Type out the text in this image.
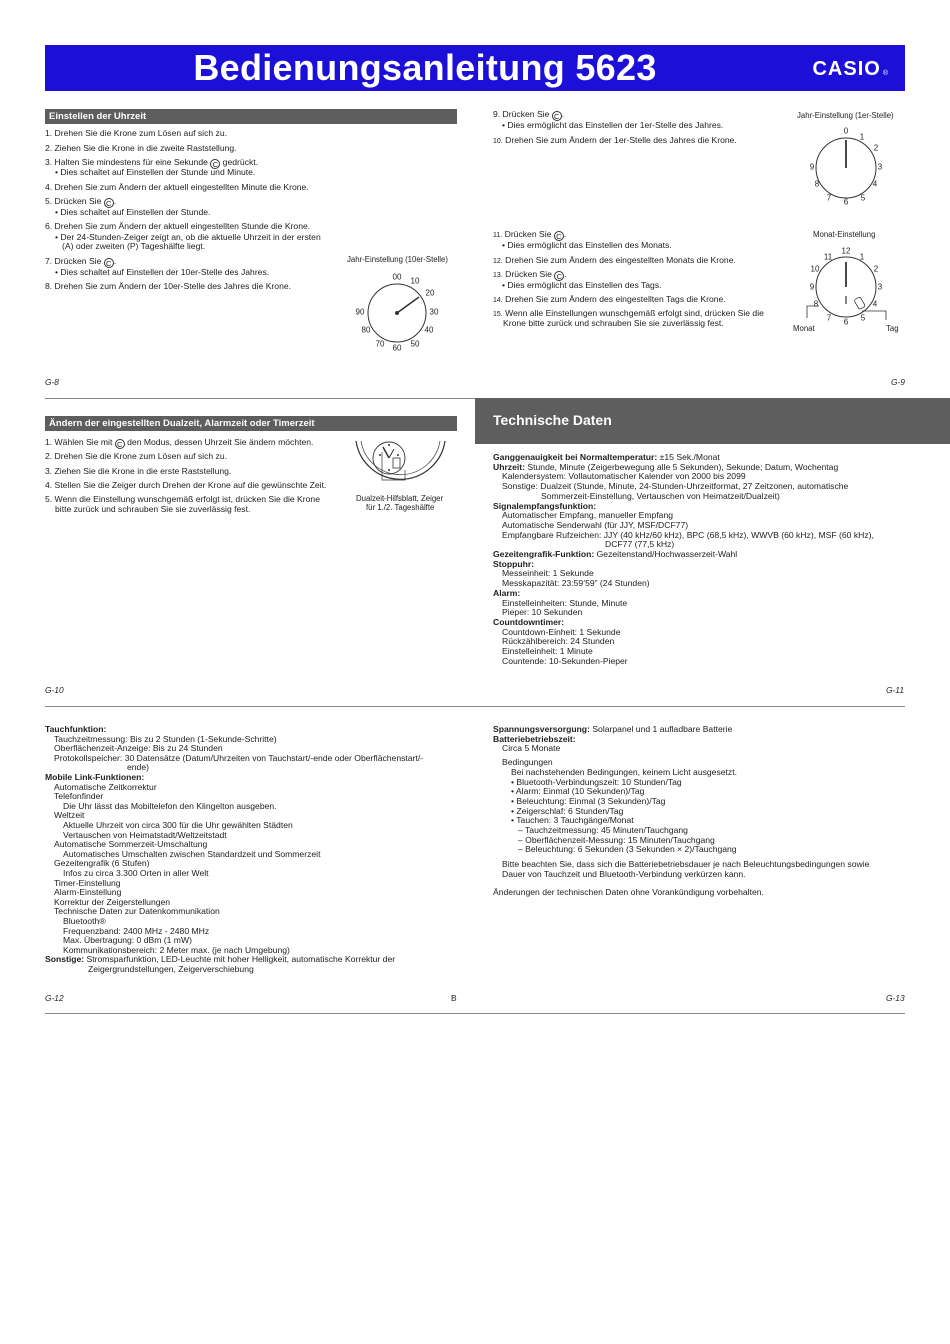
Bedienungsanleitung 5623	CASIO ®
Einstellen der Uhrzeit
1. Drehen Sie die Krone zum Lösen auf sich zu.
2. Ziehen Sie die Krone in die zweite Raststellung.
3. Halten Sie mindestens für eine Sekunde C gedrückt.
• Dies schaltet auf Einstellen der Stunde und Minute.
4. Drehen Sie zum Ändern der aktuell eingestellten Minute die Krone.
5. Drücken Sie C .
• Dies schaltet auf Einstellen der Stunde.
6. Drehen Sie zum Ändern der aktuell eingestellten Stunde die Krone.
• Der 24-Stunden-Zeiger zeigt an, ob die aktuelle Uhrzeit in der ersten
(A) oder zweiten (P) Tageshälfte liegt.
7. Drücken Sie C .
• Dies schaltet auf Einstellen der 10er-Stelle des Jahres.
8. Drehen Sie zum Ändern der 10er-Stelle des Jahres die Krone.
Jahr-Einstellung (10er-Stelle)
00 10
20
30
40
50
60
70
80
90
9. Drücken Sie C .
• Dies ermöglicht das Einstellen der 1er-Stelle des Jahres.
10. Drehen Sie zum Ändern der 1er-Stelle des Jahres die Krone.
11. Drücken Sie C .
• Dies ermöglicht das Einstellen des Monats.
12. Drehen Sie zum Ändern des eingestellten Monats die Krone.
13. Drücken Sie C .
• Dies ermöglicht das Einstellen des Tags.
14. Drehen Sie zum Ändern des eingestellten Tags die Krone.
15. Wenn alle Einstellungen wunschgemäß erfolgt sind, drücken Sie die
Krone bitte zurück und schrauben Sie sie zuverlässig fest.
Jahr-Einstellung (1er-Stelle)
0
1
2
3
4
5
6
7
8
9
Monat-Einstellung
12
1
2
3
4
5
6
7
8
9
10
11
Monat	Tag
G-8	G-9
Ändern der eingestellten Dualzeit, Alarmzeit oder Timerzeit
1. Wählen Sie mit C den Modus, dessen Uhrzeit Sie ändern möchten.
2. Drehen Sie die Krone zum Lösen auf sich zu.
3. Ziehen Sie die Krone in die erste Raststellung.
4. Stellen Sie die Zeiger durch Drehen der Krone auf die gewünschte Zeit.
5. Wenn die Einstellung wunschgemäß erfolgt ist, drücken Sie die Krone
bitte zurück und schrauben Sie sie zuverlässig fest.
Dualzeit-Hilfsblatt, Zeiger
für 1./2. Tageshälfte
Technische Daten
Ganggenauigkeit bei Normaltemperatur: ±15 Sek./Monat
Uhrzeit: Stunde, Minute (Zeigerbewegung alle 5 Sekunden), Sekunde; Datum, Wochentag
Kalendersystem: Vollautomatischer Kalender von 2000 bis 2099
Sonstige: Dualzeit (Stunde, Minute, 24-Stunden-Uhrzeitformat, 27 Zeitzonen, automatische
Sommerzeit-Einstellung, Vertauschen von Heimatzeit/Dualzeit)
Signalempfangsfunktion:
Automatischer Empfang, manueller Empfang
Automatische Senderwahl (für JJY, MSF/DCF77)
Empfangbare Rufzeichen: JJY (40 kHz/60 kHz), BPC (68,5 kHz), WWVB (60 kHz), MSF (60 kHz),
DCF77 (77,5 kHz)
Gezeitengrafik-Funktion: Gezeitenstand/Hochwasserzeit-Wahl
Stoppuhr:
Messeinheit: 1 Sekunde
Messkapazität: 23:59’59” (24 Stunden)
Alarm:
Einstelleinheiten: Stunde, Minute
Pieper: 10 Sekunden
Countdowntimer:
Countdown-Einheit: 1 Sekunde
Rückzählbereich: 24 Stunden
Einstelleinheit: 1 Minute
Countende: 10-Sekunden-Pieper
G-10	G-11
Tauchfunktion:
Tauchzeitmessung: Bis zu 2 Stunden (1-Sekunde-Schritte)
Oberflächenzeit-Anzeige: Bis zu 24 Stunden
Protokollspeicher: 30 Datensätze (Datum/Uhrzeiten von Tauchstart/-ende oder Oberflächenstart/-
ende)
Mobile Link-Funktionen:
Automatische Zeitkorrektur
Telefonfinder
Die Uhr lässt das Mobiltelefon den Klingelton ausgeben.
Weltzeit
Aktuelle Uhrzeit von circa 300 für die Uhr gewählten Städten
Vertauschen von Heimatstadt/Weltzeitstadt
Automatische Sommerzeit-Umschaltung
Automatisches Umschalten zwischen Standardzeit und Sommerzeit
Gezeitengrafik (6 Stufen)
Infos zu circa 3.300 Orten in aller Welt
Timer-Einstellung
Alarm-Einstellung
Korrektur der Zeigerstellungen
Technische Daten zur Datenkommunikation
Bluetooth®
Frequenzband: 2400 MHz - 2480 MHz
Max. Übertragung: 0 dBm (1 mW)
Kommunikationsbereich: 2 Meter max. (je nach Umgebung)
Sonstige: Stromsparfunktion, LED-Leuchte mit hoher Helligkeit, automatische Korrektur der
Zeigergrundstellungen, Zeigerverschiebung
Spannungsversorgung: Solarpanel und 1 aufladbare Batterie
Batteriebetriebszeit:
Circa 5 Monate
Bedingungen
Bei nachstehenden Bedingungen, keinem Licht ausgesetzt.
• Bluetooth-Verbindungszeit: 10 Stunden/Tag
• Alarm: Einmal (10 Sekunden)/Tag
• Beleuchtung: Einmal (3 Sekunden)/Tag
• Zeigerschlaf: 6 Stunden/Tag
• Tauchen: 3 Tauchgänge/Monat
– Tauchzeitmessung: 45 Minuten/Tauchgang
– Oberflächenzeit-Messung: 15 Minuten/Tauchgang
– Beleuchtung: 6 Sekunden (3 Sekunden × 2)/Tauchgang
Bitte beachten Sie, dass sich die Batteriebetriebsdauer je nach Beleuchtungsbedingungen sowie
Dauer von Tauchzeit und Bluetooth-Verbindung verkürzen kann.
Änderungen der technischen Daten ohne Vorankündigung vorbehalten.
G-12	B	G-13
